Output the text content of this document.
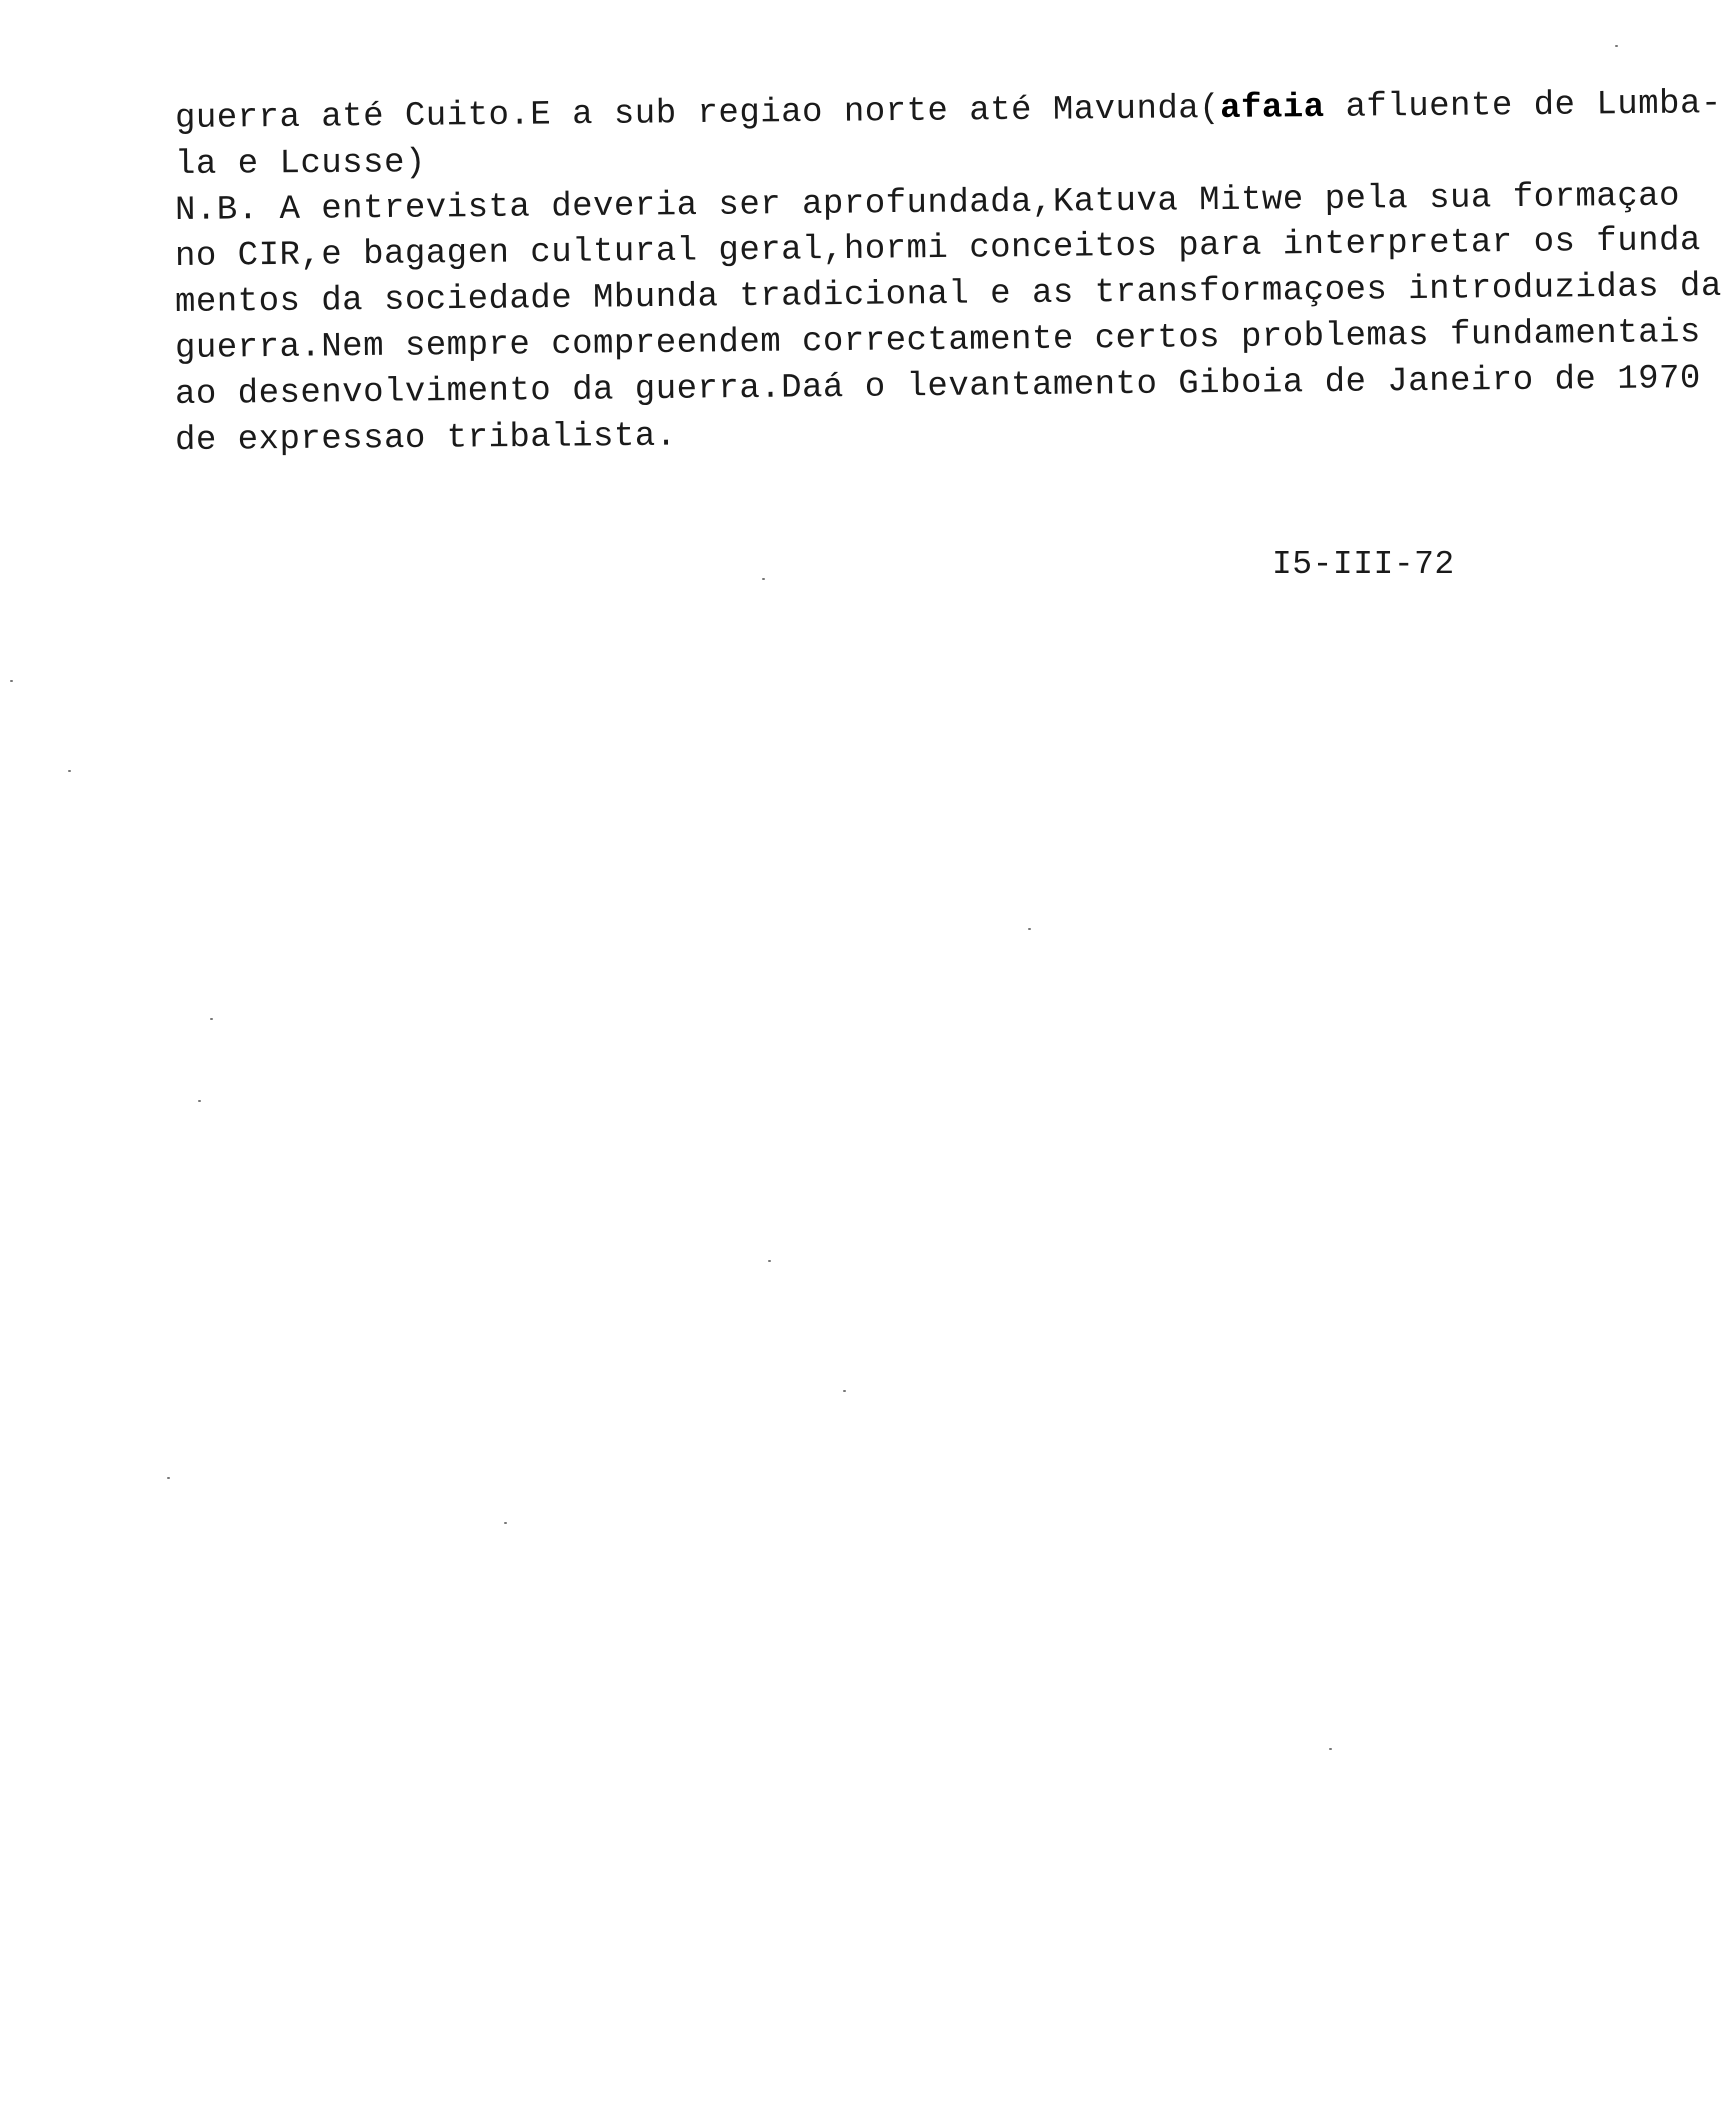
guerra até Cuito.E a sub regiao norte até Mavunda(afaia afluente de Lumba-
la e Lcusse)
N.B. A entrevista deveria ser aprofundada,Katuva Mitwe pela sua formaçao
no CIR,e bagagen cultural geral,hormi conceitos para interpretar os funda
mentos da sociedade Mbunda tradicional e as transformaçoes introduzidas da
guerra.Nem sempre compreendem correctamente certos problemas fundamentais
ao desenvolvimento da guerra.Daá o levantamento Giboia de Janeiro de 1970
de expressao tribalista.
I5-III-72
